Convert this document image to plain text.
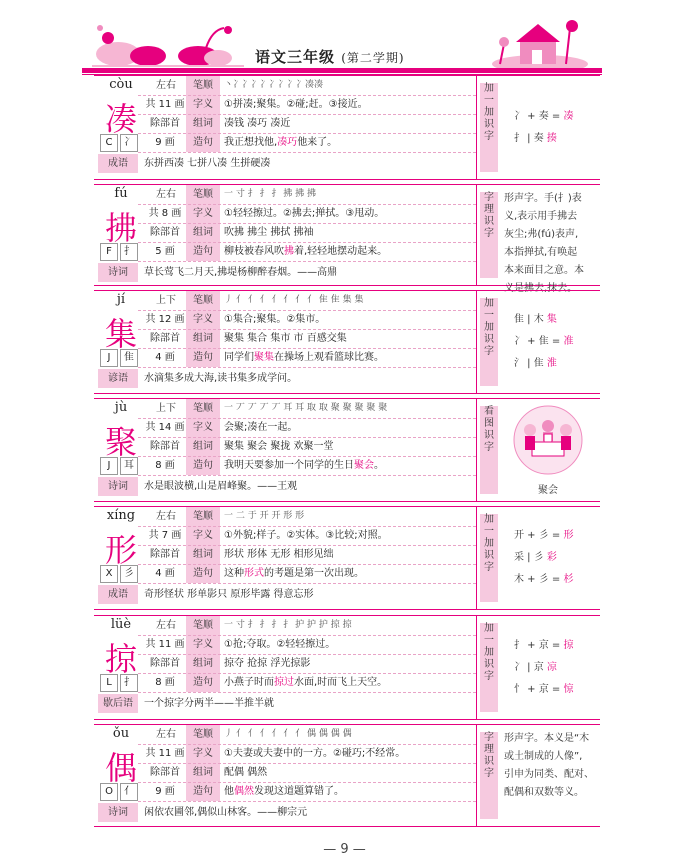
语文三年级 (第二学期)
còu
凑
C	冫
左右	笔顺	丶冫冫冫冫冫冫冫冫凑凑
共 11 画 字义	①拼凑;聚集。②碰;赶。③接近。
除部首	组词	凑钱 凑巧 凑近
9 画	造句	我正想找他,凑巧他来了。
成语	东拼西凑 七拼八凑 生拼硬凑
加
一
加
识
字
冫 + 奏 = 凑
扌 | 奏 揍
fú
拂
F	扌
左右	笔顺	一 寸 扌 扌 扌 拂 拂 拂
共 8 画	字义	①轻轻擦过。②拂去;掸拭。③甩动。
除部首	组词	吹拂 拂尘 拂拭 拂袖
5 画	造句	柳枝被春风吹拂着,轻轻地摆动起来。
诗词	草长莺飞二月天,拂堤杨柳醉春烟。——高鼎
字
理
识
字
形声字。手(扌)表
义,表示用手拂去
灰尘;弗(fú)表声,
本指掸拭,有唤起
本来面目之意。本
义是拂去,抹去。
jí
集
J	隹
上下	笔顺	丿 亻 亻 亻 亻 亻 亻 亻 隹 隹 集 集
共 12 画 字义	①集合;聚集。②集市。
除部首	组词	聚集 集合 集市 市 百感交集
4 画	造句	同学们聚集在操场上观看篮球比赛。
谚语	水滴集多成大海,读书集多成学问。
加
一
加
识
字
隹 | 木 集
冫 + 隹 = 准
氵 | 隹 淮
jù
聚
J	耳
上下	笔顺	一 丆 丆 丆 丆 耳 耳 取 取 聚 聚 聚 聚 聚
共 14 画 字义	会聚;凑在一起。
除部首	组词	聚集 聚会 聚拢 欢聚一堂
8 画	造句	我明天要参加一个同学的生日聚会。
诗词	水是眼波横,山是眉峰聚。——王观
看
图
识
字
聚会
xíng
形
X	彡
左右	笔顺	一 二 于 开 开 形 形
共 7 画	字义	①外貌;样子。②实体。③比较;对照。
除部首	组词	形状 形体 无形 相形见绌
4 画	造句	这种形式的考题是第一次出现。
成语	奇形怪状 形单影只 原形毕露 得意忘形
加
一
加
识
字
开 + 彡 = 形
采 | 彡 彩
木 + 彡 = 杉
lüè
掠
L	扌
左右	笔顺	一 寸 扌 扌 扌 扌 护 护 护 掠 掠
共 11 画 字义	①抢;夺取。②轻轻擦过。
除部首	组词	掠夺 抢掠 浮光掠影
8 画	造句	小燕子时而掠过水面,时而飞上天空。
歇后语	一个掠字分两半——半推半就
加
一
加
识
字
扌 + 京 = 掠
冫 | 京 凉
忄 + 京 = 惊
ǒu
偶
O	亻
左右	笔顺	丿 亻 亻 亻 亻 亻 亻 偶 偶 偶 偶
共 11 画 字义	①夫妻或夫妻中的一方。②碰巧;不经常。
除部首	组词	配偶 偶然
9 画	造句	他偶然发现这道题算错了。
诗词	闲依农圃邻,偶似山林客。——柳宗元
字
理
识
字
形声字。本义是“木
或土制成的人像”,
引申为同类、配对、
配偶和双数等义。
— 9 —
